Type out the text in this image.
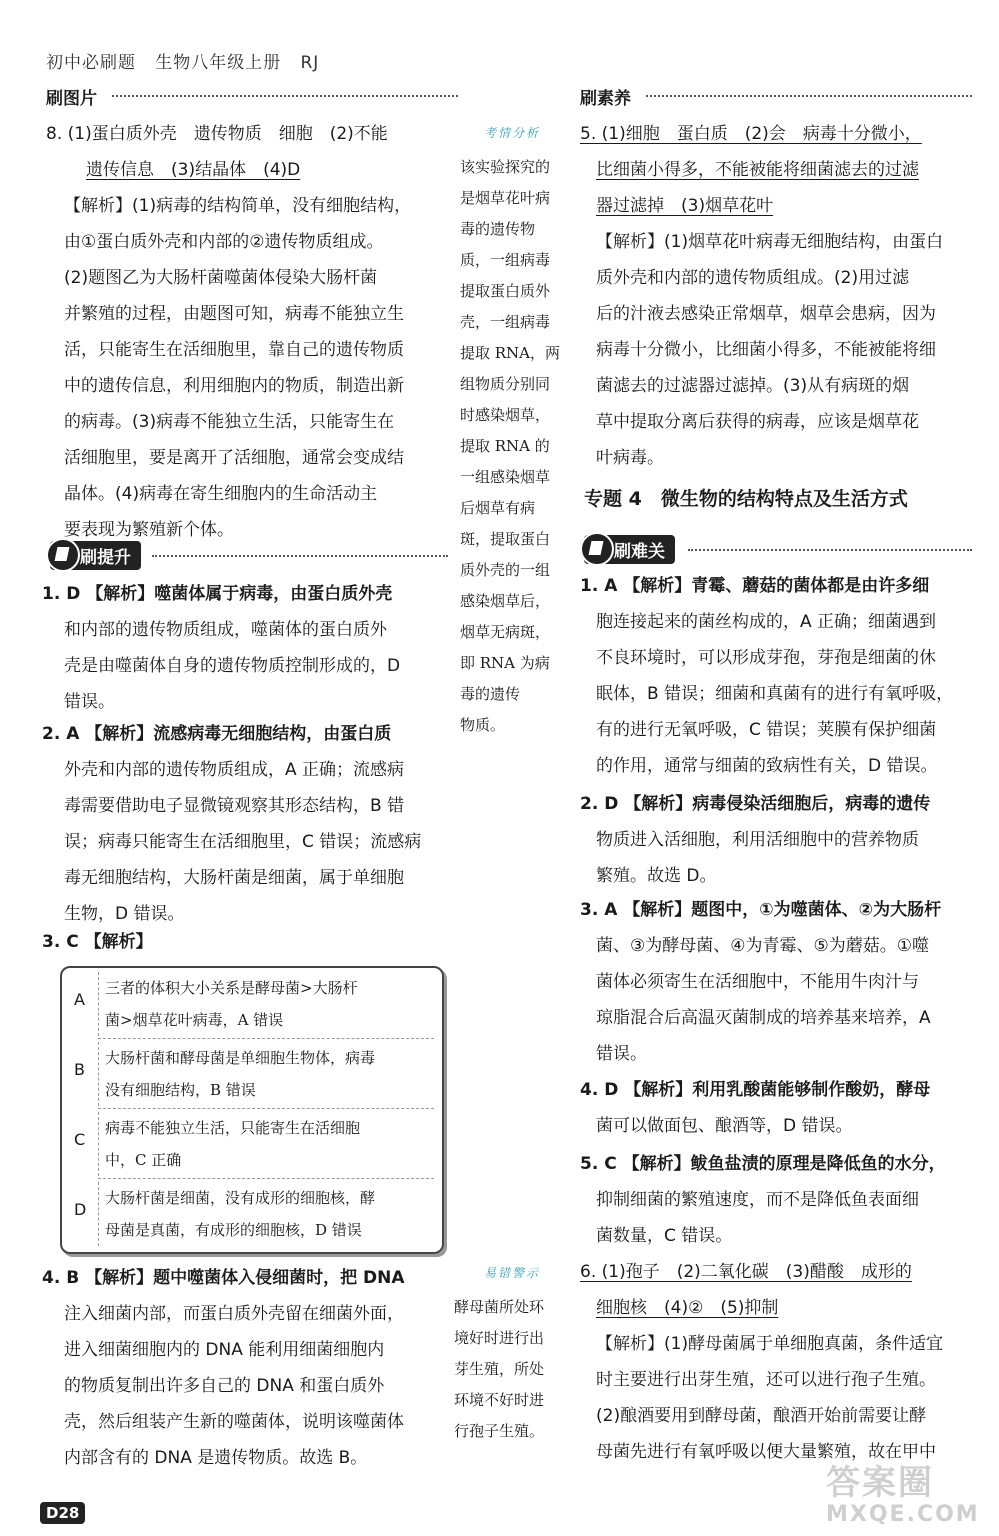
初中必刷题 生物八年级上册 RJ
刷图片	刷素养
8. (1)蛋白质外壳　遗传物质　细胞　(2)不能
遗传信息　(3)结晶体　(4)D
【解析】(1)病毒的结构简单，没有细胞结构，
由①蛋白质外壳和内部的②遗传物质组成。
(2)题图乙为大肠杆菌噬菌体侵染大肠杆菌
并繁殖的过程，由题图可知，病毒不能独立生
活，只能寄生在活细胞里，靠自己的遗传物质
中的遗传信息，利用细胞内的物质，制造出新
的病毒。(3)病毒不能独立生活，只能寄生在
活细胞里，要是离开了活细胞，通常会变成结
晶体。(4)病毒在寄生细胞内的生命活动主
要表现为繁殖新个体。
刷提升
1. D 【解析】噬菌体属于病毒，由蛋白质外壳
和内部的遗传物质组成，噬菌体的蛋白质外
壳是由噬菌体自身的遗传物质控制形成的，D
错误。
2. A 【解析】流感病毒无细胞结构，由蛋白质
外壳和内部的遗传物质组成，A 正确；流感病
毒需要借助电子显微镜观察其形态结构，B 错
误；病毒只能寄生在活细胞里，C 错误；流感病
毒无细胞结构，大肠杆菌是细菌，属于单细胞
生物，D 错误。
3. C 【解析】
A
三者的体积大小关系是酵母菌>大肠杆
菌>烟草花叶病毒，A 错误
B
大肠杆菌和酵母菌是单细胞生物体，病毒
没有细胞结构，B 错误
C
病毒不能独立生活，只能寄生在活细胞
中，C 正确
D
大肠杆菌是细菌，没有成形的细胞核，酵
母菌是真菌，有成形的细胞核，D 错误
4. B 【解析】题中噬菌体入侵细菌时，把 DNA
注入细菌内部，而蛋白质外壳留在细菌外面，
进入细菌细胞内的 DNA 能利用细菌细胞内
的物质复制出许多自己的 DNA 和蛋白质外
壳，然后组装产生新的噬菌体，说明该噬菌体
内部含有的 DNA 是遗传物质。故选 B。
考情分析
该实验探究的
是烟草花叶病
毒的遗传物
质，一组病毒
提取蛋白质外
壳，一组病毒
提取 RNA，两
组物质分别同
时感染烟草，
提取 RNA 的
一组感染烟草
后烟草有病
斑，提取蛋白
质外壳的一组
感染烟草后，
烟草无病斑，
即 RNA 为病
毒的遗传
物质。
易错警示
酵母菌所处环
境好时进行出
芽生殖，所处
环境不好时进
行孢子生殖。
5. (1)细胞　蛋白质　(2)会　病毒十分微小，
比细菌小得多，不能被能将细菌滤去的过滤
器过滤掉　(3)烟草花叶
【解析】(1)烟草花叶病毒无细胞结构，由蛋白
质外壳和内部的遗传物质组成。(2)用过滤
后的汁液去感染正常烟草，烟草会患病，因为
病毒十分微小，比细菌小得多，不能被能将细
菌滤去的过滤器过滤掉。(3)从有病斑的烟
草中提取分离后获得的病毒，应该是烟草花
叶病毒。
专题 4　微生物的结构特点及生活方式
刷难关
1. A 【解析】青霉、蘑菇的菌体都是由许多细
胞连接起来的菌丝构成的，A 正确；细菌遇到
不良环境时，可以形成芽孢，芽孢是细菌的休
眠体，B 错误；细菌和真菌有的进行有氧呼吸，
有的进行无氧呼吸，C 错误；荚膜有保护细菌
的作用，通常与细菌的致病性有关，D 错误。
2. D 【解析】病毒侵染活细胞后，病毒的遗传
物质进入活细胞，利用活细胞中的营养物质
繁殖。故选 D。
3. A 【解析】题图中，①为噬菌体、②为大肠杆
菌、③为酵母菌、④为青霉、⑤为蘑菇。①噬
菌体必须寄生在活细胞中，不能用牛肉汁与
琼脂混合后高温灭菌制成的培养基来培养，A
错误。
4. D 【解析】利用乳酸菌能够制作酸奶，酵母
菌可以做面包、酿酒等，D 错误。
5. C 【解析】鲅鱼盐渍的原理是降低鱼的水分，
抑制细菌的繁殖速度，而不是降低鱼表面细
菌数量，C 错误。
6. (1)孢子　(2)二氧化碳　(3)醋酸　成形的
细胞核　(4)②　(5)抑制
【解析】(1)酵母菌属于单细胞真菌，条件适宜
时主要进行出芽生殖，还可以进行孢子生殖。
(2)酿酒要用到酵母菌，酿酒开始前需要让酵
母菌先进行有氧呼吸以便大量繁殖，故在甲中
D28
答案圈
MXQE.COM
